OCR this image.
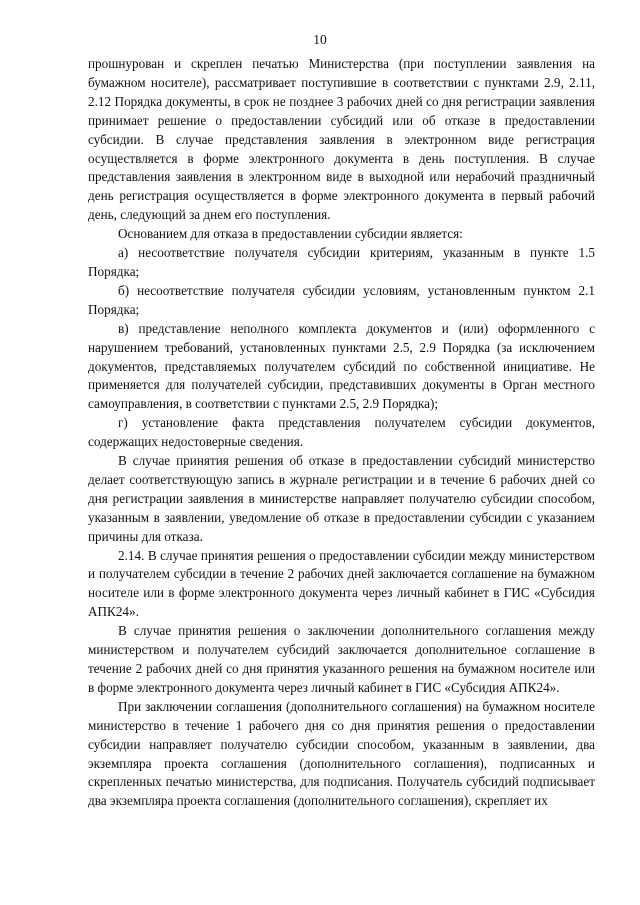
10

прошнурован и скреплен печатью Министерства (при поступлении заявления на бумажном носителе), рассматривает поступившие в соответствии с пунктами 2.9, 2.11, 2.12 Порядка документы, в срок не позднее 3 рабочих дней со дня регистрации заявления принимает решение о предоставлении субсидий или об отказе в предоставлении субсидии. В случае представления заявления в электронном виде регистрация осуществляется в форме электронного документа в день поступления. В случае представления заявления в электронном виде в выходной или нерабочий праздничный день регистрация осуществляется в форме электронного документа в первый рабочий день, следующий за днем его поступления.

Основанием для отказа в предоставлении субсидии является:

а) несоответствие получателя субсидии критериям, указанным в пункте 1.5 Порядка;

б) несоответствие получателя субсидии условиям, установленным пунктом 2.1 Порядка;

в) представление неполного комплекта документов и (или) оформленного с нарушением требований, установленных пунктами 2.5, 2.9 Порядка (за исключением документов, представляемых получателем субсидий по собственной инициативе. Не применяется для получателей субсидии, представивших документы в Орган местного самоуправления, в соответствии с пунктами 2.5, 2.9 Порядка);

г) установление факта представления получателем субсидии документов, содержащих недостоверные сведения.

В случае принятия решения об отказе в предоставлении субсидий министерство делает соответствующую запись в журнале регистрации и в течение 6 рабочих дней со дня регистрации заявления в министерстве направляет получателю субсидии способом, указанным в заявлении, уведомление об отказе в предоставлении субсидии с указанием причины для отказа.

2.14. В случае принятия решения о предоставлении субсидии между министерством и получателем субсидии в течение 2 рабочих дней заключается соглашение на бумажном носителе или в форме электронного документа через личный кабинет в ГИС «Субсидия АПК24».

В случае принятия решения о заключении дополнительного соглашения между министерством и получателем субсидий заключается дополнительное соглашение в течение 2 рабочих дней со дня принятия указанного решения на бумажном носителе или в форме электронного документа через личный кабинет в ГИС «Субсидия АПК24».

При заключении соглашения (дополнительного соглашения) на бумажном носителе министерство в течение 1 рабочего дня со дня принятия решения о предоставлении субсидии направляет получателю субсидии способом, указанным в заявлении, два экземпляра проекта соглашения (дополнительного соглашения), подписанных и скрепленных печатью министерства, для подписания. Получатель субсидий подписывает два экземпляра проекта соглашения (дополнительного соглашения), скрепляет их
